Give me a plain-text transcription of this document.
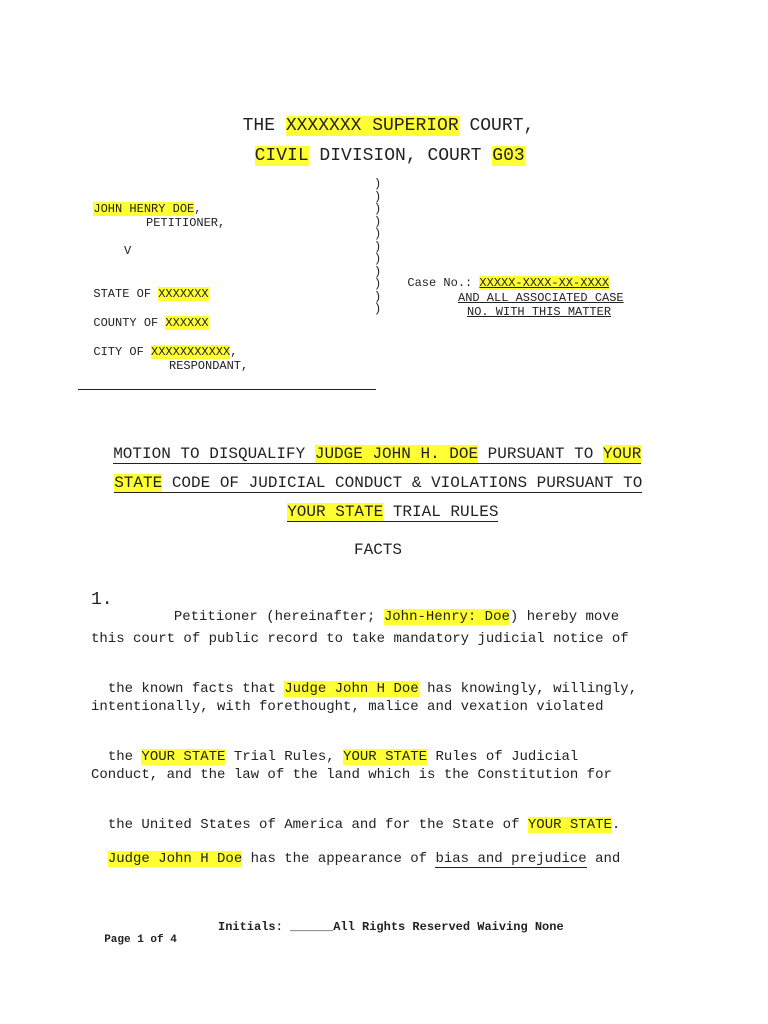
THE XXXXXXX SUPERIOR COURT,

CIVIL DIVISION, COURT G03

JOHN HENRY DOE,

PETITIONER,
V

STATE OF XXXXXXX

COUNTY OF XXXXXX

CITY OF XXXXXXXXXXX,

RESPONDANT,
)
)
)
)
)
)
)
)
)
)
)

Case No.: XXXXX-XXXX-XX-XXXX

AND ALL ASSOCIATED CASE
NO. WITH THIS MATTER

MOTION TO DISQUALIFY JUDGE JOHN H. DOE PURSUANT TO YOUR

STATE CODE OF JUDICIAL CONDUCT & VIOLATIONS PURSUANT TO

YOUR STATE TRIAL RULES

FACTS
1.

Petitioner (hereinafter; John-Henry: Doe) hereby move

this court of public record to take mandatory judicial notice of

the known facts that Judge John H Doe has knowingly, willingly,

intentionally, with forethought, malice and vexation violated

the YOUR STATE Trial Rules, YOUR STATE Rules of Judicial

Conduct, and the law of the land which is the Constitution for

the United States of America and for the State of YOUR STATE.

Judge John H Doe has the appearance of bias and prejudice and

Page 1 of 4

Initials: ______All Rights Reserved Waiving None
